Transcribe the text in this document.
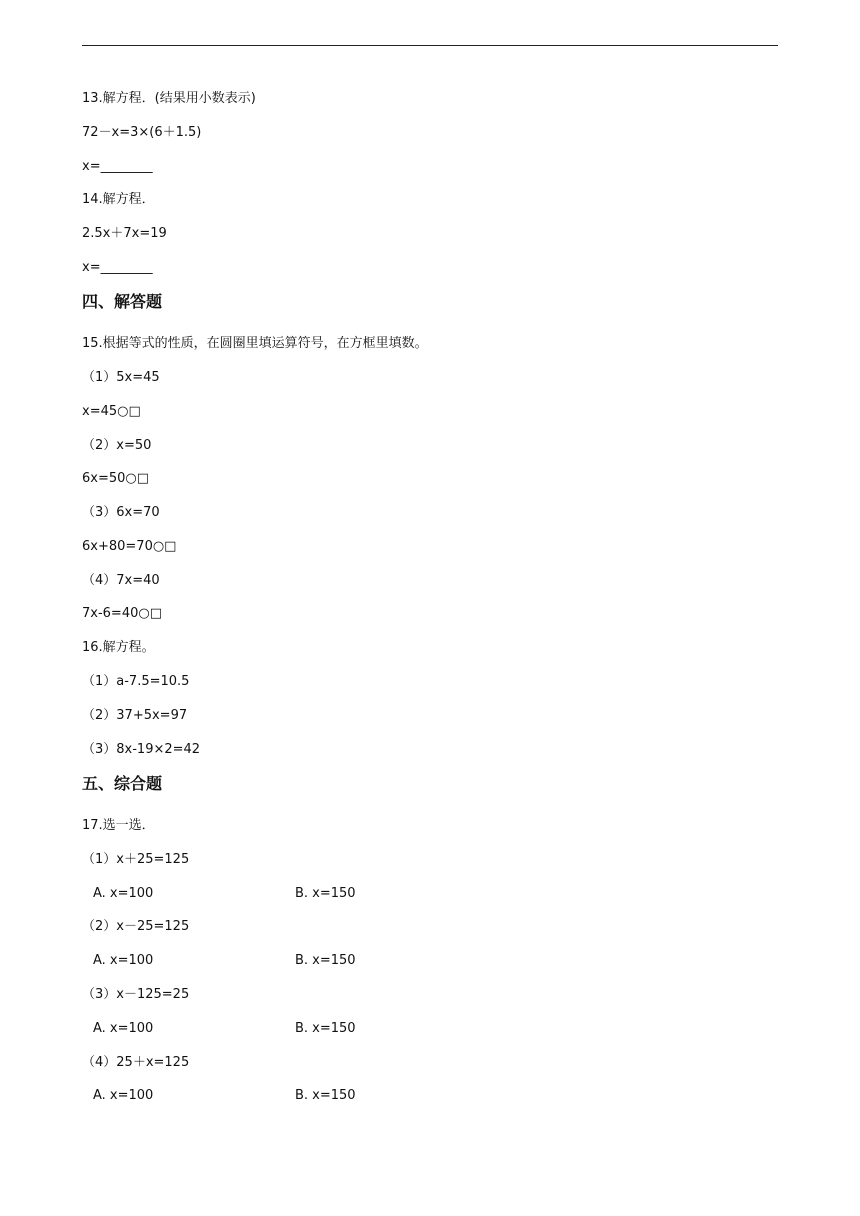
13.解方程．(结果用小数表示)
72－x=3×(6＋1.5)
x=________
14.解方程．
2.5x＋7x=19
x=________
四、解答题
15.根据等式的性质，在圆圈里填运算符号，在方框里填数。
（1）5x=45
x=45○□
（2）x=50
6x=50○□
（3）6x=70
6x+80=70○□
（4）7x=40
7x-6=40○□
16.解方程。
（1）a-7.5=10.5
（2）37+5x=97
（3）8x-19×2=42
五、综合题
17.选一选．
（1）x＋25=125
A. x=100	B. x=150
（2）x－25=125
A. x=100	B. x=150
（3）x－125=25
A. x=100	B. x=150
（4）25＋x=125
A. x=100	B. x=150
